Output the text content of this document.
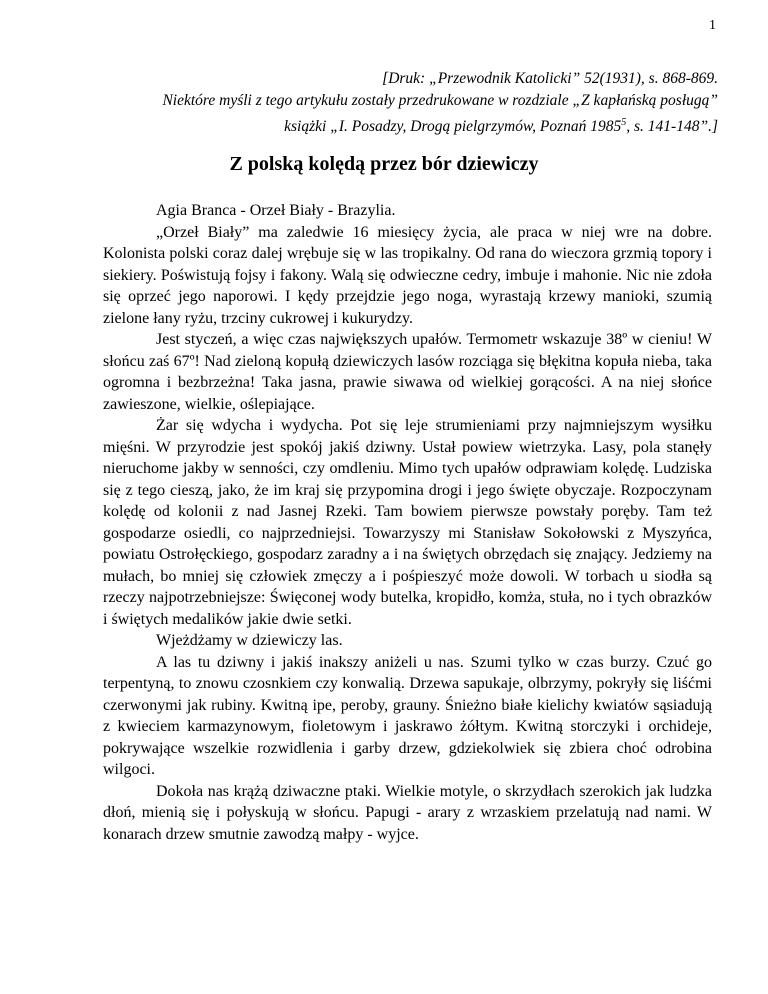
1
[Druk: „Przewodnik Katolicki” 52(1931), s. 868-869.
Niektóre myśli z tego artykułu zostały przedrukowane w rozdziale „Z kapłańską posługą”
książki „I. Posadzy, Drogą pielgrzymów, Poznań 1985$^5$, s. 141-148”.]
Z polską kolędą przez bór dziewiczy

Agia Branca - Orzeł Biały - Brazylia.

„Orzeł Biały” ma zaledwie 16 miesięcy życia, ale praca w niej wre na dobre. Kolonista polski coraz dalej wrębuje się w las tropikalny. Od rana do wieczora grzmią topory i siekiery. Poświstują fojsy i fakony. Walą się odwieczne cedry, imbuje i mahonie. Nic nie zdoła się oprzeć jego naporowi. I kędy przejdzie jego noga, wyrastają krzewy manioki, szumią zielone łany ryżu, trzciny cukrowej i kukurydzy.

Jest styczeń, a więc czas największych upałów. Termometr wskazuje 38º w cieniu! W słońcu zaś 67º! Nad zieloną kopułą dziewiczych lasów rozciąga się błękitna kopuła nieba, taka ogromna i bezbrzeżna! Taka jasna, prawie siwawa od wielkiej gorącości. A na niej słońce zawieszone, wielkie, oślepiające.

Żar się wdycha i wydycha. Pot się leje strumieniami przy najmniejszym wysiłku mięśni. W przyrodzie jest spokój jakiś dziwny. Ustał powiew wietrzyka. Lasy, pola stanęły nieruchome jakby w senności, czy omdleniu. Mimo tych upałów odprawiam kolędę. Ludziska się z tego cieszą, jako, że im kraj się przypomina drogi i jego święte obyczaje. Rozpoczynam kolędę od kolonii z nad Jasnej Rzeki. Tam bowiem pierwsze powstały poręby. Tam też gospodarze osiedli, co najprzedniejsi. Towarzyszy mi Stanisław Sokołowski z Myszyńca, powiatu Ostrołęckiego, gospodarz zaradny a i na świętych obrzędach się znający. Jedziemy na mułach, bo mniej się człowiek zmęczy a i pośpieszyć może dowoli. W torbach u siodła są rzeczy najpotrzebniejsze: Święconej wody butelka, kropidło, komża, stuła, no i tych obrazków i świętych medalików jakie dwie setki.

Wjeżdżamy w dziewiczy las.

A las tu dziwny i jakiś inakszy aniżeli u nas. Szumi tylko w czas burzy. Czuć go terpentyną, to znowu czosnkiem czy konwalią. Drzewa sapukaje, olbrzymy, pokryły się liśćmi czerwonymi jak rubiny. Kwitną ipe, peroby, grauny. Śnieżno białe kielichy kwiatów sąsiadują z kwieciem karmazynowym, fioletowym i jaskrawo żółtym. Kwitną storczyki i orchideje, pokrywające wszelkie rozwidlenia i garby drzew, gdziekolwiek się zbiera choć odrobina wilgoci.

Dokoła nas krążą dziwaczne ptaki. Wielkie motyle, o skrzydłach szerokich jak ludzka dłoń, mienią się i połyskują w słońcu. Papugi - arary z wrzaskiem przelatują nad nami. W konarach drzew smutnie zawodzą małpy - wyjce.
